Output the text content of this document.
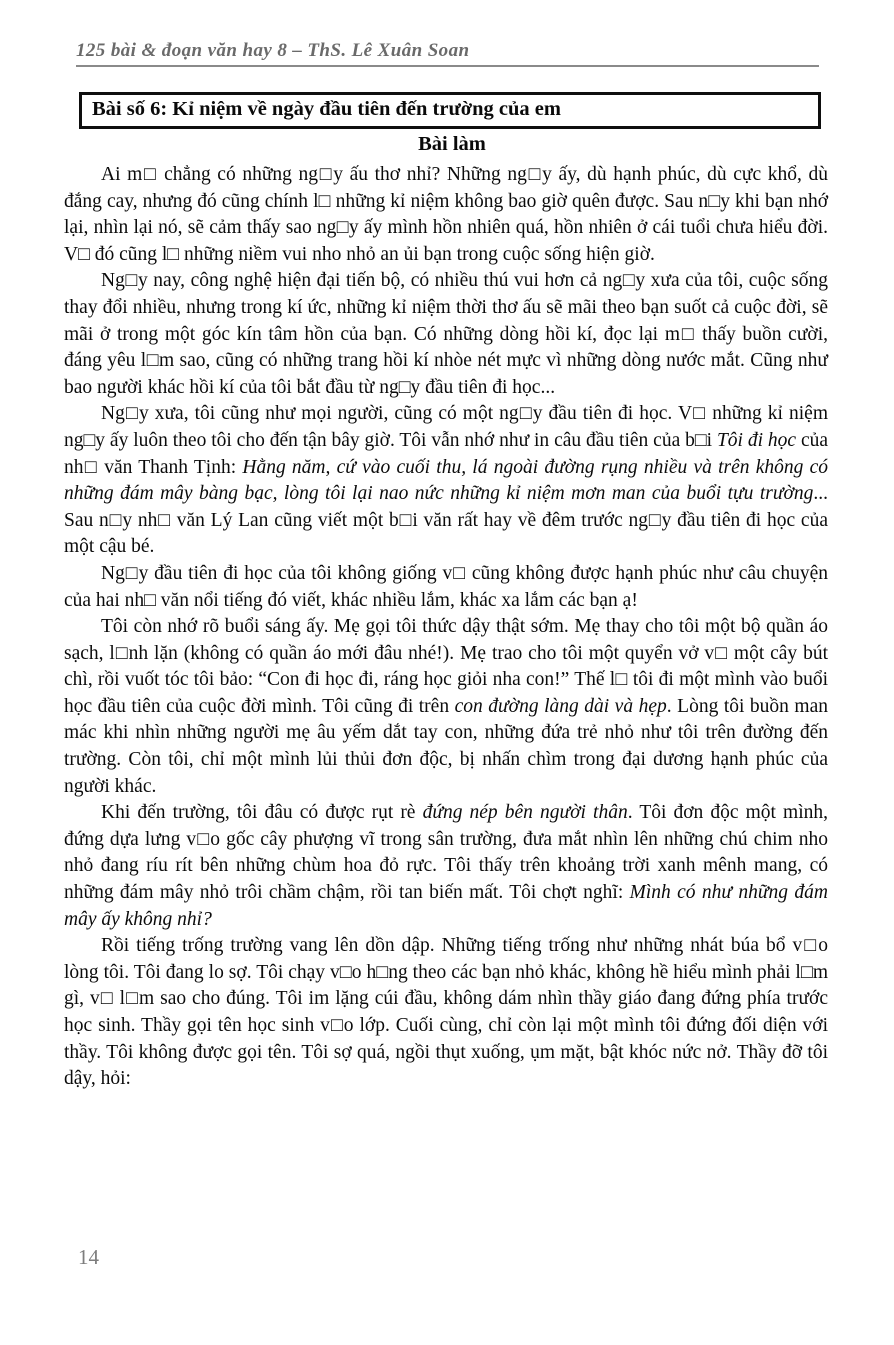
125 bài & đoạn văn hay 8 – ThS. Lê Xuân Soan
Bài số 6: Kỉ niệm về ngày đầu tiên đến trường của em
Bài làm

Ai m□ chẳng có những ng□y ấu thơ nhỉ? Những ng□y ấy, dù hạnh phúc, dù cực khổ, dù đắng cay, nhưng đó cũng chính l□ những kỉ niệm không bao giờ quên được. Sau n□y khi bạn nhớ lại, nhìn lại nó, sẽ cảm thấy sao ng□y ấy mình hồn nhiên quá, hồn nhiên ở cái tuổi chưa hiểu đời. V□ đó cũng l□ những niềm vui nho nhỏ an ủi bạn trong cuộc sống hiện giờ.

Ng□y nay, công nghệ hiện đại tiến bộ, có nhiều thú vui hơn cả ng□y xưa của tôi, cuộc sống thay đổi nhiều, nhưng trong kí ức, những kỉ niệm thời thơ ấu sẽ mãi theo bạn suốt cả cuộc đời, sẽ mãi ở trong một góc kín tâm hồn của bạn. Có những dòng hồi kí, đọc lại m□ thấy buồn cười, đáng yêu l□m sao, cũng có những trang hồi kí nhòe nét mực vì những dòng nước mắt. Cũng như bao người khác hồi kí của tôi bắt đầu từ ng□y đầu tiên đi học...

Ng□y xưa, tôi cũng như mọi người, cũng có một ng□y đầu tiên đi học. V□ những kỉ niệm ng□y ấy luôn theo tôi cho đến tận bây giờ. Tôi vẫn nhớ như in câu đầu tiên của b□i Tôi đi học của nh□ văn Thanh Tịnh: Hằng năm, cứ vào cuối thu, lá ngoài đường rụng nhiều và trên không có những đám mây bàng bạc, lòng tôi lại nao nức những kỉ niệm mơn man của buổi tựu trường... Sau n□y nh□ văn Lý Lan cũng viết một b□i văn rất hay về đêm trước ng□y đầu tiên đi học của một cậu bé.

Ng□y đầu tiên đi học của tôi không giống v□ cũng không được hạnh phúc như câu chuyện của hai nh□ văn nổi tiếng đó viết, khác nhiều lắm, khác xa lắm các bạn ạ!

Tôi còn nhớ rõ buổi sáng ấy. Mẹ gọi tôi thức dậy thật sớm. Mẹ thay cho tôi một bộ quần áo sạch, l□nh lặn (không có quần áo mới đâu nhé!). Mẹ trao cho tôi một quyển vở v□ một cây bút chì, rồi vuốt tóc tôi bảo: “Con đi học đi, ráng học giỏi nha con!” Thế l□ tôi đi một mình vào buổi học đầu tiên của cuộc đời mình. Tôi cũng đi trên con đường làng dài và hẹp. Lòng tôi buồn man mác khi nhìn những người mẹ âu yếm dắt tay con, những đứa trẻ nhỏ như tôi trên đường đến trường. Còn tôi, chỉ một mình lủi thủi đơn độc, bị nhấn chìm trong đại dương hạnh phúc của người khác.

Khi đến trường, tôi đâu có được rụt rè đứng nép bên người thân. Tôi đơn độc một mình, đứng dựa lưng v□o gốc cây phượng vĩ trong sân trường, đưa mắt nhìn lên những chú chim nho nhỏ đang ríu rít bên những chùm hoa đỏ rực. Tôi thấy trên khoảng trời xanh mênh mang, có những đám mây nhỏ trôi chầm chậm, rồi tan biến mất. Tôi chợt nghĩ: Mình có như những đám mây ấy không nhỉ?

Rồi tiếng trống trường vang lên dồn dập. Những tiếng trống như những nhát búa bổ v□o lòng tôi. Tôi đang lo sợ. Tôi chạy v□o h□ng theo các bạn nhỏ khác, không hề hiểu mình phải l□m gì, v□ l□m sao cho đúng. Tôi im lặng cúi đầu, không dám nhìn thầy giáo đang đứng phía trước học sinh. Thầy gọi tên học sinh v□o lớp. Cuối cùng, chỉ còn lại một mình tôi đứng đối diện với thầy. Tôi không được gọi tên. Tôi sợ quá, ngồi thụt xuống, ụm mặt, bật khóc nức nở. Thầy đỡ tôi dậy, hỏi:

14
